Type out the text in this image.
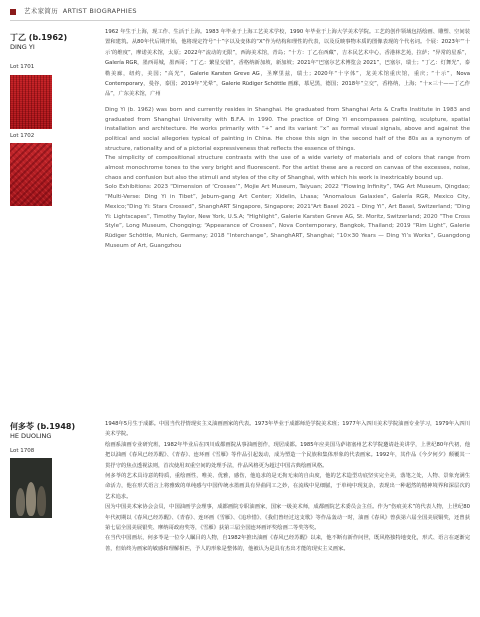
艺术家简历 ARTIST BIOGRAPHIES
丁乙 (b.1962)
DING YI
Lot 1701
Lot 1702

1962 年生于上海，现工作、生活于上海。1983 年毕业于上海工艺美术学校，1990 年毕业于上海大学美术学院。工艺的创作领域包括绘画、雕塑、空间装置和建筑。从80年代后期开始，他将现定符号“十”字以及变体的“X”作为结构和理性的代表，以及反映事物本质的图像表现的个代名词。个展：2023年“‘十示’的维度”，摩诺美术馆，太原；2022年“流动的无限”，西海美术馆，青岛；“十方：丁乙在西藏”，吉本民艺术中心，香港林艺苑，拉萨；“异常的星系”，Galería RGR，墨西哥城，墨西哥；“丁乙：繁星交错”，香格纳新加坡，新加坡；2021年“巴塞尔艺术博览会 2021”，巴塞尔，瑞士；“丁乙：灯舞光”，泰勒美廊，纽约，美国；“高光”，Galerie Karsten Greve AG，圣摩里兹，瑞士；2020年“十字体”，龙美术馆重庆馆，重庆；“十示”，Nova Contemporary，曼谷，泰国；2019年“光晕”，Galerie Rüdiger Schöttle 画廊，慕尼黑，德国；2018年“立交”，香格纳，上海；“十×三十——丁乙作品”，广东美术馆，广州

Ding Yi (b. 1962) was born and currently resides in Shanghai. He graduated from Shanghai Arts & Crafts Institute in 1983 and graduated from Shanghai University with B.F.A. in 1990. The practice of Ding Yi encompasses painting, sculpture, spatial installation and architecture. He works primarily with “+” and its variant “x” as formal visual signals, above and against the political and social allegories typical of painting in China. He chose this sign in the second half of the 80s as a synonym of structure, rationality and of a pictorial expressiveness that reflects the essence of things.

The simplicity of compositional structure contrasts with the use of a wide variety of materials and of colors that range from almost monochrome tones to the very bright and fluorescent. For the artist these are a record on canvas of the excesses, noise, chaos and confusion but also the stimuli and styles of the city of Shanghai, with which his work is inextricably bound up.

Solo Exhibitions: 2023 “Dimension of ‘Crosses’”, Mojie Art Museum, Taiyuan; 2022 “Flowing Infinity”, TAG Art Museum, Qingdao; “Multi-Verse: Ding Yi in Tibet”, Jebum-gang Art Center; Xidelin, Lhasa; “Anomalous Galaxies”, Galería RGR, Mexico City, Mexico;“Ding Yi: Stars Crossed”, ShanghART Singapore, Singapore; 2021“Art Basel 2021 – Ding Yi”, Art Basel, Switzerland; “Ding Yi: Lightscapes”, Timothy Taylor, New York, U.S.A; “Highlight”, Galerie Karsten Greve AG, St. Moritz, Switzerland; 2020 “The Cross Style”, Long Museum, Chongqing; “Appearance of Crosses”, Nova Contemporary, Bangkok, Thailand; 2019 “Rim Light”, Galerie Rüdiger Schöttle, Munich, Germany; 2018 “Interchange”, ShanghART, Shanghai; “10×30 Years — Ding Yi’s Works”, Guangdong Museum of Art, Guangzhou

何多苓 (b.1948)
HE DUOLING
Lot 1708

1948年5月生于成都。中国当代抒情现实主义油画画家的代表。1973年毕业于成都师范学院美术班；1977年入四川美术学院油画专业学习，1979年入四川美术学院。

绘画系油画专业研究班，1982年毕业后在四川成都画院从事油画创作，现居成都。1985年应美国马萨诸塞州艺术学院邀请赴美讲学，上世纪80年代初，他把以油画《春风已经苏醒》、《青春》、连环画《雪雁》等作品引起轰动，成为塑造一个民族和集体形象的代表画家。1992年，其作品《今夕何夕》颠覆其一贯抒守的焦点透视法则，首次使用双重空间的处理手法，作品风格更为超过中国古典绘画风格。

何多苓的艺术具诗意的特质，重绘画性，唯美、优雅，感伤，他追求的是无拘无束的自由度，他的艺术造型功底坚实完全美，落笔之处，人物、景象充满生命活力，他在形式语言上将雅致的单纯感与中国传统水墨画具有异曲同工之妙，在流线中见细腻，于单纯中现复杂，表现出一种超然的精神境界和深层次的艺术追求。

因为中国美术家协会会员，中国油画学会理事，成都画院专职油画家，国家一级美术师，成都画院艺术委员会主任。作为“伤痕美术”的代表人物，上世纪80年代初期以《春风已经苏醒》、《青春》、连环画《雪雁》、《追珍惜》、《我们曾经过这支歌》等作品轰动一时，油画《春风》曾获第六届全国美展铜奖，还曾获第七届全国美展银奖、摩纳哥政府奖等，《雪雁》获第三届全国连环画评奖绘画二等奖等奖。

在当代中国画坛，何多苓是一位令人瞩目的人物，自1982年推出油画《春风已经苏醒》以来，他不断有新作问世，既风格独特地变化，形式、语言在逐渐完善，但始终为画家的敏感和理解相匹，予人的形象是整体的，他被认为是具有杰出才能的现实主义画家。
